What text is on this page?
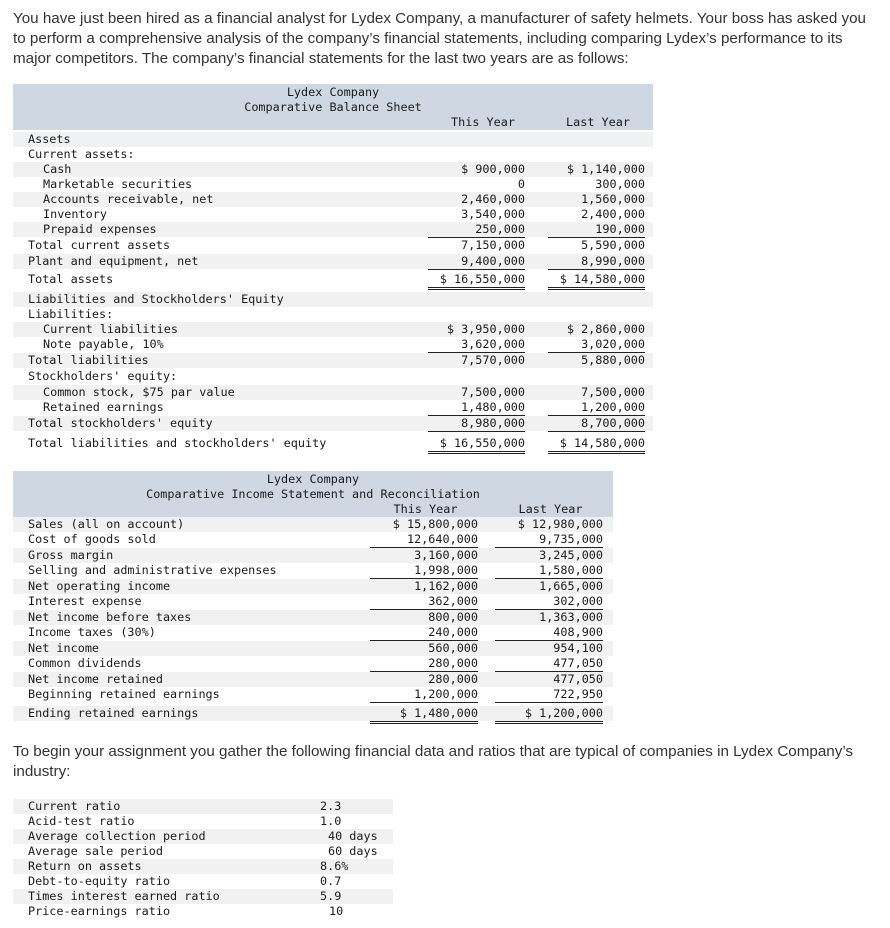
You have just been hired as a financial analyst for Lydex Company, a manufacturer of safety helmets. Your boss has asked you to perform a comprehensive analysis of the company’s financial statements, including comparing Lydex’s performance to its major competitors. The company’s financial statements for the last two years are as follows:

Lydex Company
Comparative Balance Sheet
This Year	Last Year
Assets
Current assets:
Cash	$ 900,000	$ 1,140,000
Marketable securities	0	300,000
Accounts receivable, net	2,460,000	1,560,000
Inventory	3,540,000	2,400,000
Prepaid expenses	250,000	190,000
Total current assets	7,150,000	5,590,000
Plant and equipment, net	9,400,000	8,990,000
Total assets	$ 16,550,000	$ 14,580,000
Liabilities and Stockholders' Equity
Liabilities:
Current liabilities	$ 3,950,000	$ 2,860,000
Note payable, 10%	3,620,000	3,020,000
Total liabilities	7,570,000	5,880,000
Stockholders' equity:
Common stock, $75 par value	7,500,000	7,500,000
Retained earnings	1,480,000	1,200,000
Total stockholders' equity	8,980,000	8,700,000
Total liabilities and stockholders' equity	$ 16,550,000	$ 14,580,000
Lydex Company
Comparative Income Statement and Reconciliation
This Year	Last Year
Sales (all on account)	$ 15,800,000	$ 12,980,000
Cost of goods sold	12,640,000	9,735,000
Gross margin	3,160,000	3,245,000
Selling and administrative expenses	1,998,000	1,580,000
Net operating income	1,162,000	1,665,000
Interest expense	362,000	302,000
Net income before taxes	800,000	1,363,000
Income taxes (30%)	240,000	408,900
Net income	560,000	954,100
Common dividends	280,000	477,050
Net income retained	280,000	477,050
Beginning retained earnings	1,200,000	722,950
Ending retained earnings	$ 1,480,000	$ 1,200,000

To begin your assignment you gather the following financial data and ratios that are typical of companies in Lydex Company’s industry:

Current ratio	2.3
Acid-test ratio	1.0
Average collection period	40 days
Average sale period	60 days
Return on assets	8.6%
Debt-to-equity ratio	0.7
Times interest earned ratio	5.9
Price-earnings ratio	10
